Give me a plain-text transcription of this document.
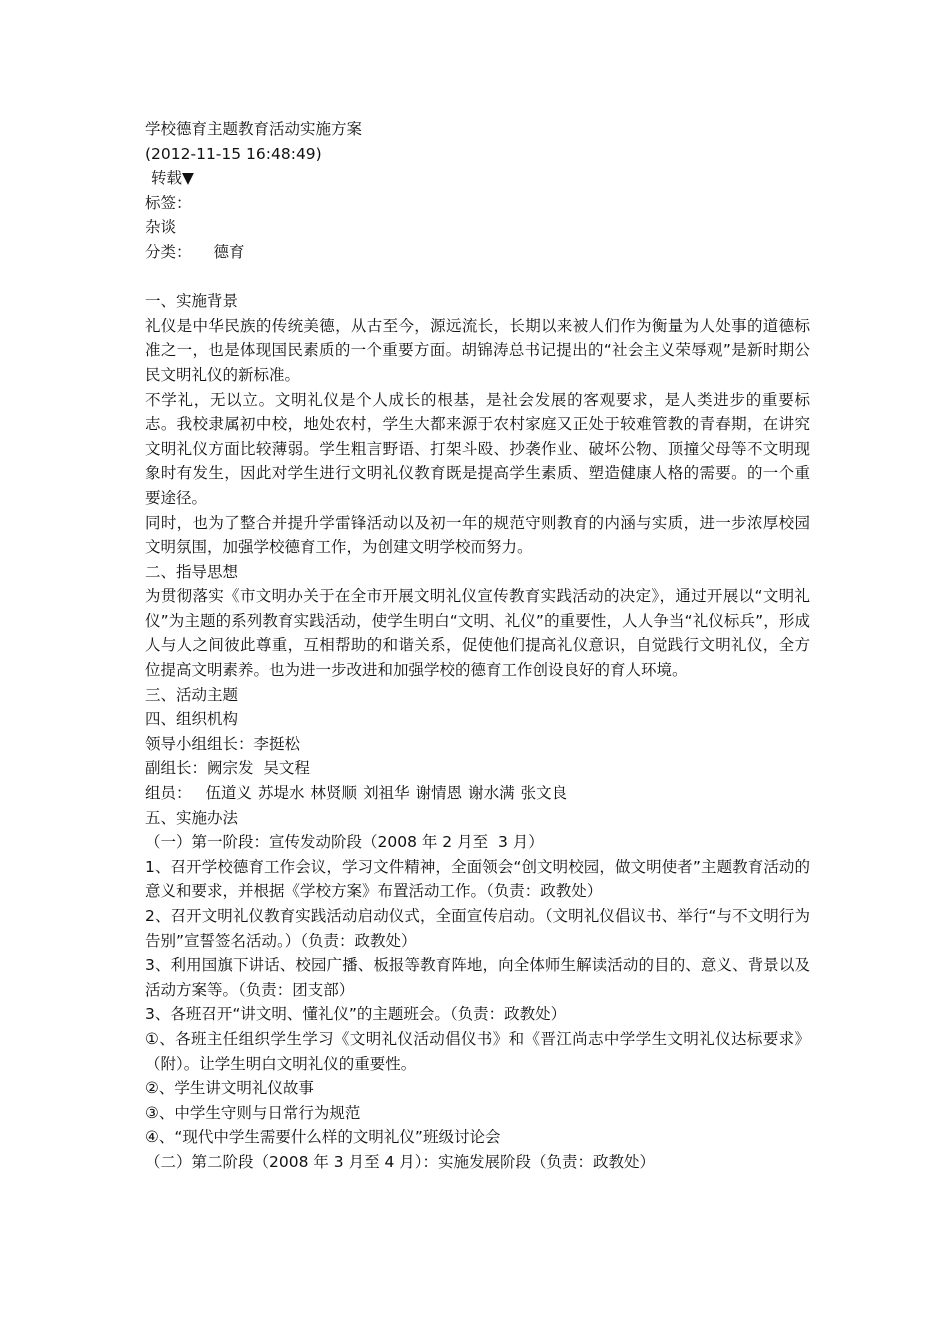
学校德育主题教育活动实施方案
(2012-11-15 16:48:49)
转载▼
标签：
杂谈
分类： 德育
一、实施背景
礼仪是中华民族的传统美德，从古至今，源远流长，长期以来被人们作为衡量为人处事的道德标准之一，也是体现国民素质的一个重要方面。胡锦涛总书记提出的“社会主义荣辱观”是新时期公民文明礼仪的新标准。
不学礼，无以立。文明礼仪是个人成长的根基，是社会发展的客观要求，是人类进步的重要标志。我校隶属初中校，地处农村，学生大都来源于农村家庭又正处于较难管教的青春期，在讲究文明礼仪方面比较薄弱。学生粗言野语、打架斗殴、抄袭作业、破坏公物、顶撞父母等不文明现象时有发生，因此对学生进行文明礼仪教育既是提高学生素质、塑造健康人格的需要。的一个重要途径。
同时，也为了整合并提升学雷锋活动以及初一年的规范守则教育的内涵与实质，进一步浓厚校园文明氛围，加强学校德育工作，为创建文明学校而努力。
二、指导思想
为贯彻落实《市文明办关于在全市开展文明礼仪宣传教育实践活动的决定》，通过开展以“文明礼仪”为主题的系列教育实践活动，使学生明白“文明、礼仪”的重要性，人人争当“礼仪标兵”，形成人与人之间彼此尊重，互相帮助的和谐关系，促使他们提高礼仪意识，自觉践行文明礼仪，全方位提高文明素养。也为进一步改进和加强学校的德育工作创设良好的育人环境。
三、活动主题
四、组织机构
领导小组组长：李挺松
副组长：阙宗发  吴文程
组员： 伍道义 苏堤水 林贤顺 刘祖华 谢情恩 谢水满 张文良
五、实施办法
（一）第一阶段：宣传发动阶段（2008 年 2 月至  3 月）
1、召开学校德育工作会议，学习文件精神，全面领会“创文明校园，做文明使者”主题教育活动的意义和要求，并根据《学校方案》布置活动工作。（负责：政教处）
2、召开文明礼仪教育实践活动启动仪式，全面宣传启动。（文明礼仪倡议书、举行“与不文明行为告别”宣誓签名活动。）（负责：政教处）
3、利用国旗下讲话、校园广播、板报等教育阵地，向全体师生解读活动的目的、意义、背景以及活动方案等。（负责：团支部）
3、各班召开“讲文明、懂礼仪”的主题班会。（负责：政教处）
①、各班主任组织学生学习《文明礼仪活动倡仪书》和《晋江尚志中学学生文明礼仪达标要求》（附）。让学生明白文明礼仪的重要性。
②、学生讲文明礼仪故事
③、中学生守则与日常行为规范
④、“现代中学生需要什么样的文明礼仪”班级讨论会
（二）第二阶段（2008 年 3 月至 4 月）：实施发展阶段（负责：政教处）
